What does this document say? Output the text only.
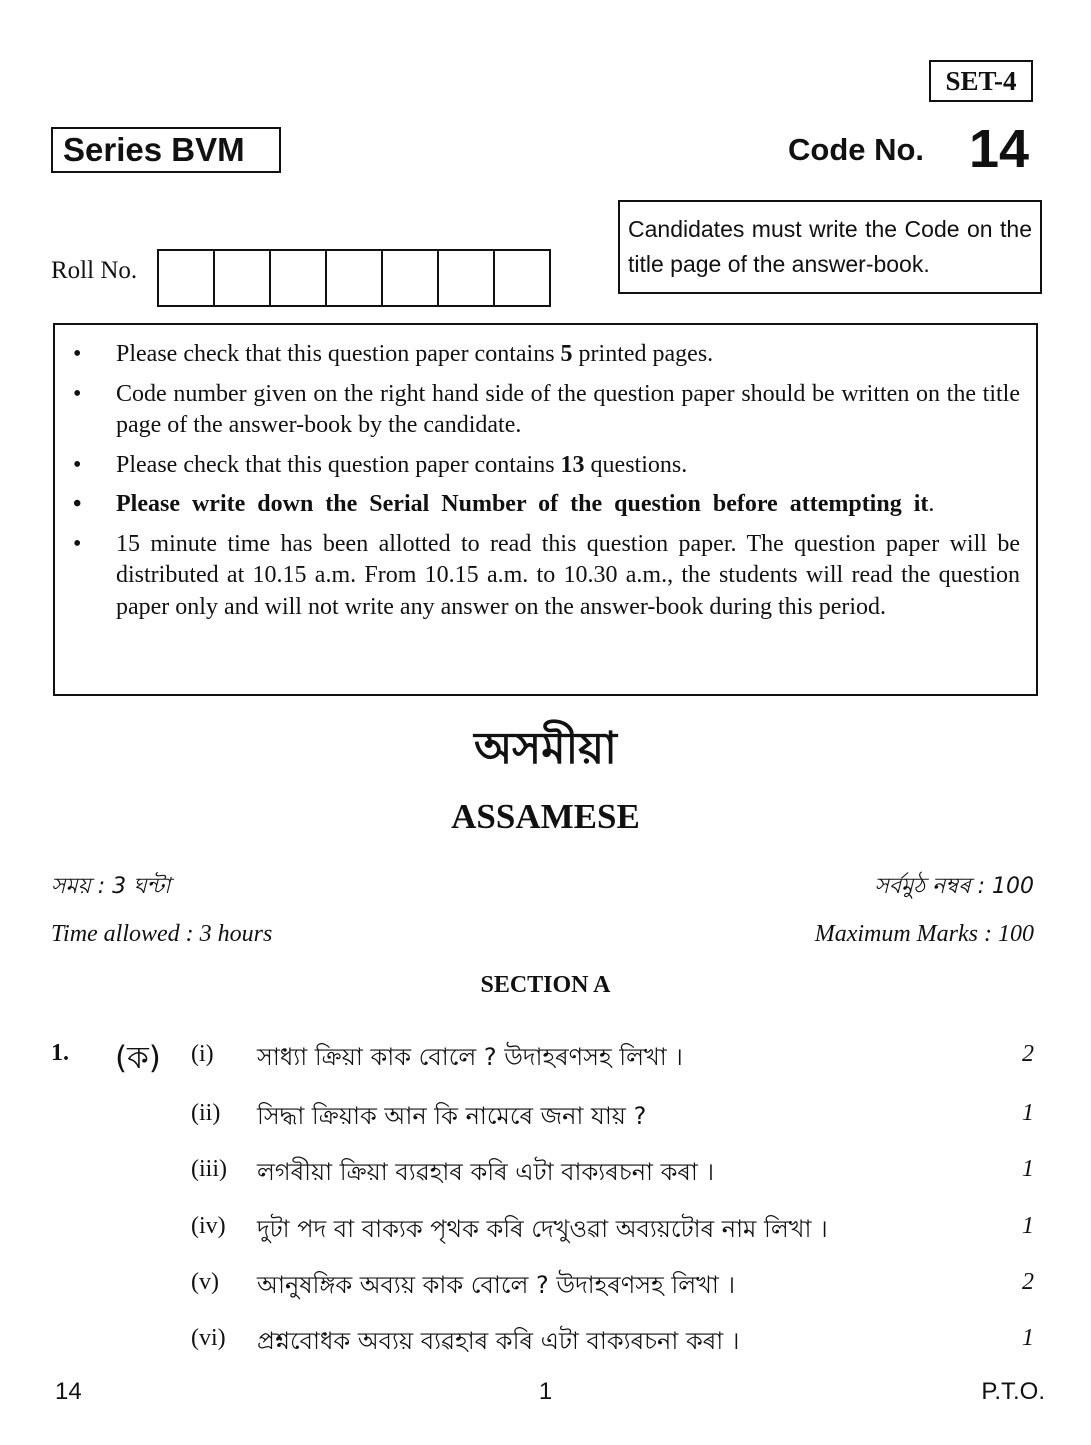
SET-4
Series BVM	Code No. 14
Candidates must write the Code on the title page of the answer-book.
Roll No.
• Please check that this question paper contains 5 printed pages.
• Code number given on the right hand side of the question paper should be written on the title page of the answer-book by the candidate.
• Please check that this question paper contains 13 questions.
• Please write down the Serial Number of the question before attempting it.
• 15 minute time has been allotted to read this question paper. The question paper will be distributed at 10.15 a.m. From 10.15 a.m. to 10.30 a.m., the students will read the question paper only and will not write any answer on the answer-book during this period.
অসমীয়া
ASSAMESE
সময় : 3 ঘন্টা	সৰ্বমুঠ নম্বৰ : 100
Time allowed : 3 hours	Maximum Marks : 100
SECTION A
1. (ক) (i) সাধ্যা ক্রিয়া কাক বোলে ? উদাহৰণসহ লিখা ।	2
(ii) সিদ্ধা ক্রিয়াক আন কি নামেৰে জনা যায় ?	1
(iii) লগৰীয়া ক্রিয়া ব্যৱহাৰ কৰি এটা বাক্যৰচনা কৰা ।	1
(iv) দুটা পদ বা বাক্যক পৃথক কৰি দেখুওৱা অব্যয়টোৰ নাম লিখা ।	1
(v) আনুষঙ্গিক অব্যয় কাক বোলে ? উদাহৰণসহ লিখা ।	2
(vi) প্রশ্নবোধক অব্যয় ব্যৱহাৰ কৰি এটা বাক্যৰচনা কৰা ।	1
14	1	P.T.O.
